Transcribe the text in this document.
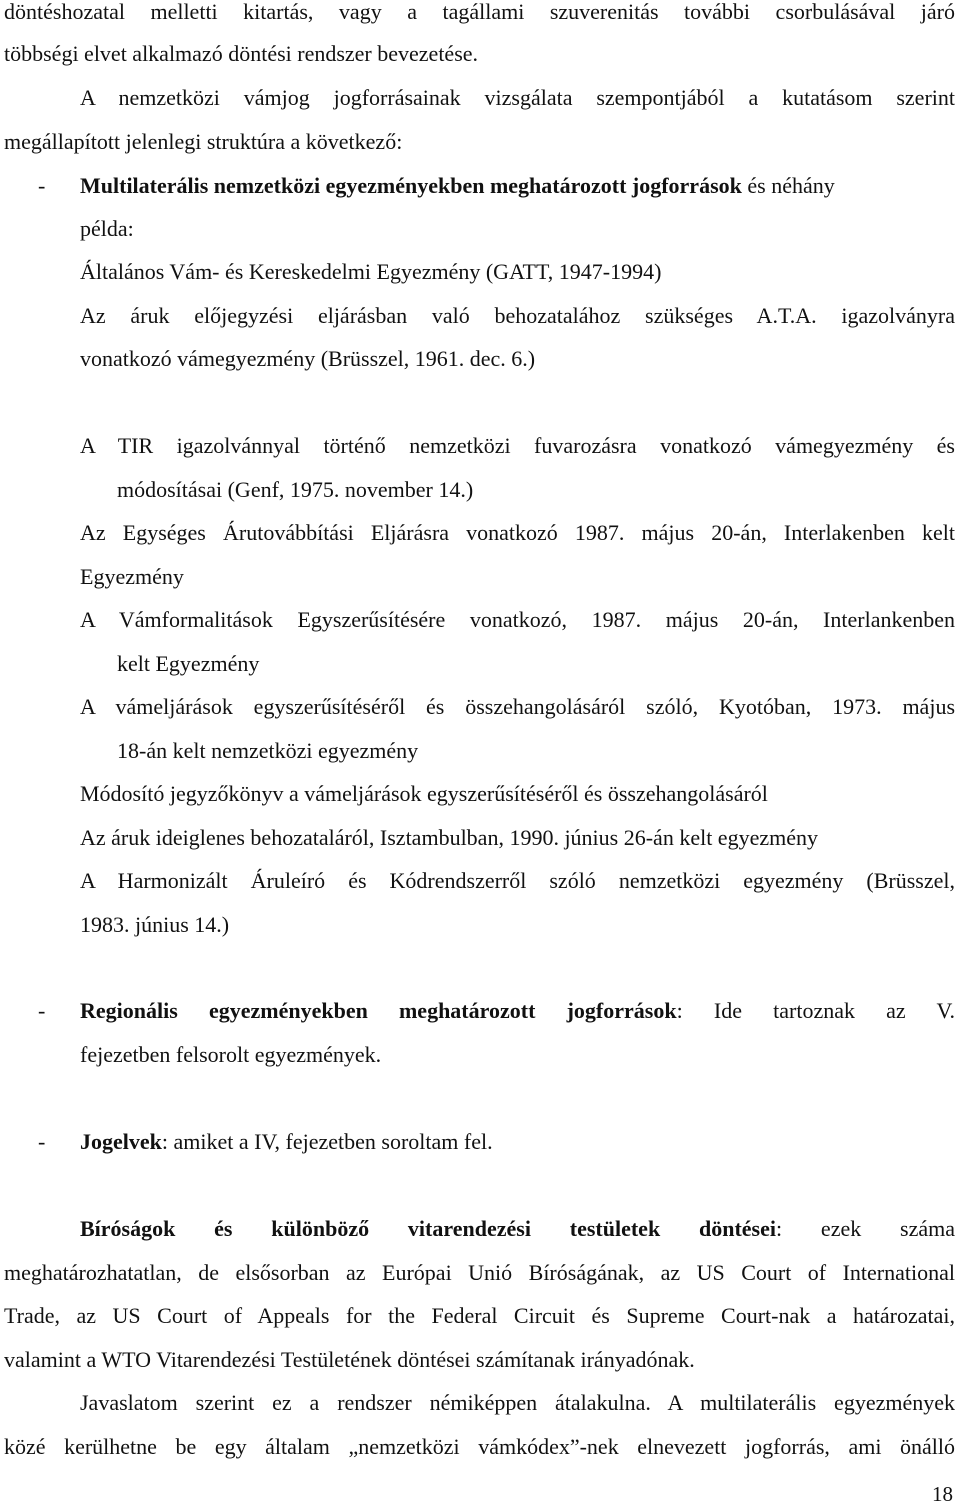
döntéshozatal melletti kitartás, vagy a tagállami szuverenitás további csorbulásával járó
többségi elvet alkalmazó döntési rendszer bevezetése.
A nemzetközi vámjog jogforrásainak vizsgálata szempontjából a kutatásom szerint
megállapított jelenlegi struktúra a következő:
- Multilaterális nemzetközi egyezményekben meghatározott jogforrások és néhány
példa:
Általános Vám- és Kereskedelmi Egyezmény (GATT, 1947-1994)
Az áruk előjegyzési eljárásban való behozatalához szükséges A.T.A. igazolványra
vonatkozó vámegyezmény (Brüsszel, 1961. dec. 6.)
A TIR igazolvánnyal történő nemzetközi fuvarozásra vonatkozó vámegyezmény és
módosításai (Genf, 1975. november 14.)
Az Egységes Árutovábbítási Eljárásra vonatkozó 1987. május 20-án, Interlakenben kelt
Egyezmény
A Vámformalitások Egyszerűsítésére vonatkozó, 1987. május 20-án, Interlankenben
kelt Egyezmény
A vámeljárások egyszerűsítéséről és összehangolásáról szóló, Kyotóban, 1973. május
18-án kelt nemzetközi egyezmény
Módosító jegyzőkönyv a vámeljárások egyszerűsítéséről és összehangolásáról
Az áruk ideiglenes behozataláról, Isztambulban, 1990. június 26-án kelt egyezmény
A Harmonizált Áruleíró és Kódrendszerről szóló nemzetközi egyezmény (Brüsszel,
1983. június 14.)
- Regionális egyezményekben meghatározott jogforrások: Ide tartoznak az V.
fejezetben felsorolt egyezmények.
- Jogelvek: amiket a IV, fejezetben soroltam fel.
Bíróságok és különböző vitarendezési testületek döntései: ezek száma
meghatározhatatlan, de elsősorban az Európai Unió Bíróságának, az US Court of International
Trade, az US Court of Appeals for the Federal Circuit és Supreme Court-nak a határozatai,
valamint a WTO Vitarendezési Testületének döntései számítanak irányadónak.
Javaslatom szerint ez a rendszer némiképpen átalakulna. A multilaterális egyezmények
közé kerülhetne be egy általam „nemzetközi vámkódex”-nek elnevezett jogforrás, ami önálló
18
